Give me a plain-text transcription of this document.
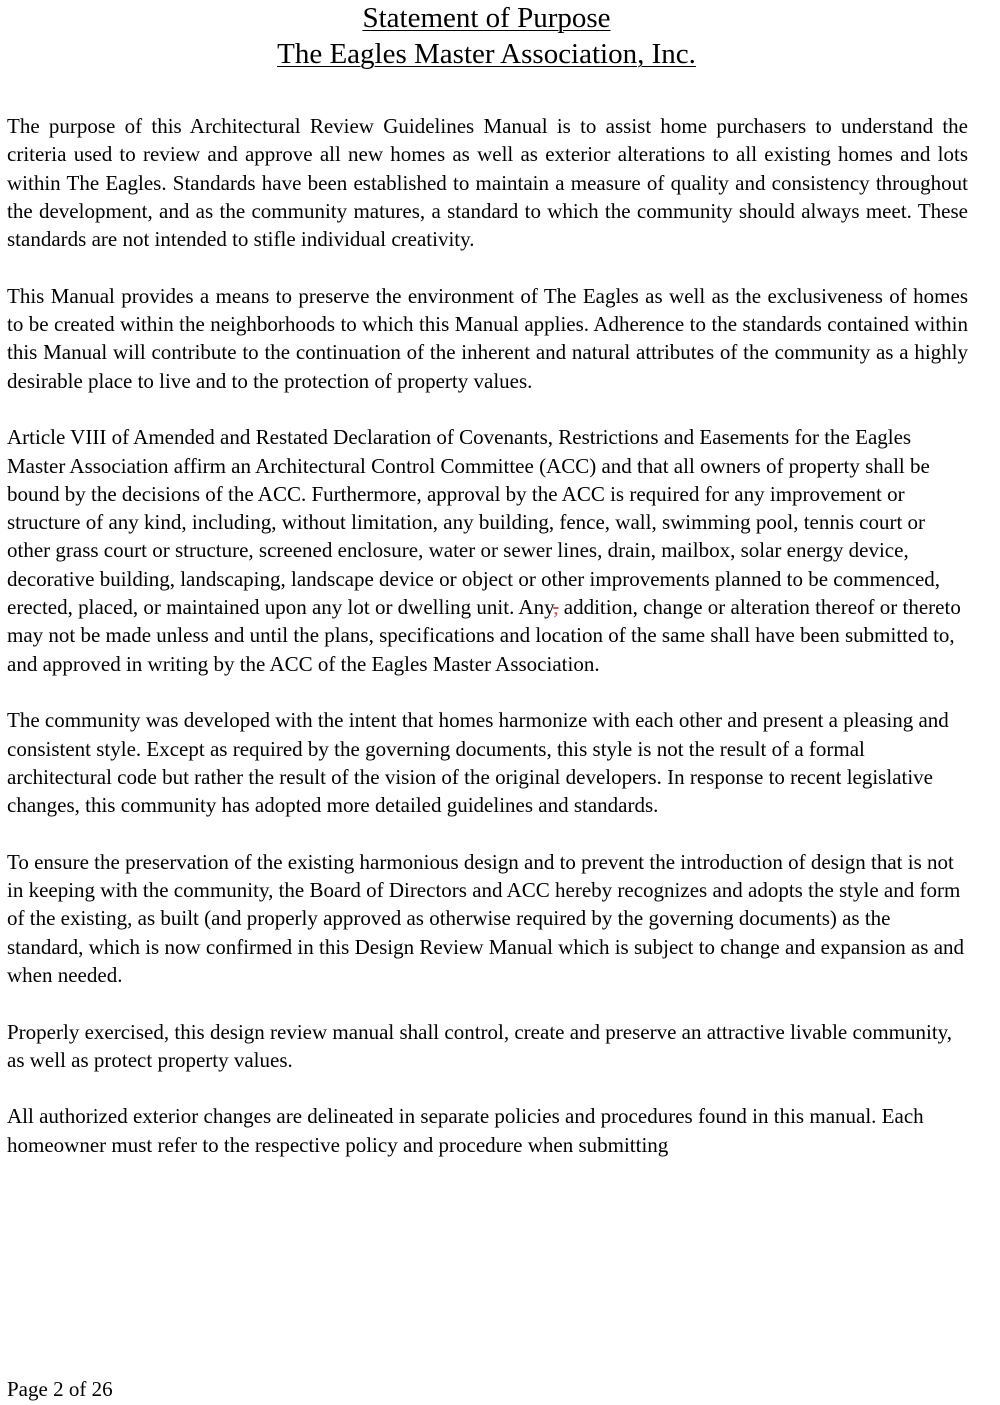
Statement of Purpose
The Eagles Master Association, Inc.

The purpose of this Architectural Review Guidelines Manual is to assist home purchasers to understand the criteria used to review and approve all new homes as well as exterior alterations to all existing homes and lots within The Eagles. Standards have been established to maintain a measure of quality and consistency throughout the development, and as the community matures, a standard to which the community should always meet. These standards are not intended to stifle individual creativity.

This Manual provides a means to preserve the environment of The Eagles as well as the exclusiveness of homes to be created within the neighborhoods to which this Manual applies. Adherence to the standards contained within this Manual will contribute to the continuation of the inherent and natural attributes of the community as a highly desirable place to live and to the protection of property values.

Article VIII of Amended and Restated Declaration of Covenants, Restrictions and Easements for the Eagles Master Association affirm an Architectural Control Committee (ACC) and that all owners of property shall be bound by the decisions of the ACC. Furthermore, approval by the ACC is required for any improvement or structure of any kind, including, without limitation, any building, fence, wall, swimming pool, tennis court or other grass court or structure, screened enclosure, water or sewer lines, drain, mailbox, solar energy device, decorative building, landscaping, landscape device or object or other improvements planned to be commenced, erected, placed, or maintained upon any lot or dwelling unit. Any, addition, change or alteration thereof or thereto may not be made unless and until the plans, specifications and location of the same shall have been submitted to, and approved in writing by the ACC of the Eagles Master Association.

The community was developed with the intent that homes harmonize with each other and present a pleasing and consistent style. Except as required by the governing documents, this style is not the result of a formal architectural code but rather the result of the vision of the original developers. In response to recent legislative changes, this community has adopted more detailed guidelines and standards.

To ensure the preservation of the existing harmonious design and to prevent the introduction of design that is not in keeping with the community, the Board of Directors and ACC hereby recognizes and adopts the style and form of the existing, as built (and properly approved as otherwise required by the governing documents) as the standard, which is now confirmed in this Design Review Manual which is subject to change and expansion as and when needed.

Properly exercised, this design review manual shall control, create and preserve an attractive livable community, as well as protect property values.

All authorized exterior changes are delineated in separate policies and procedures found in this manual. Each homeowner must refer to the respective policy and procedure when submitting

Page 2 of 26
